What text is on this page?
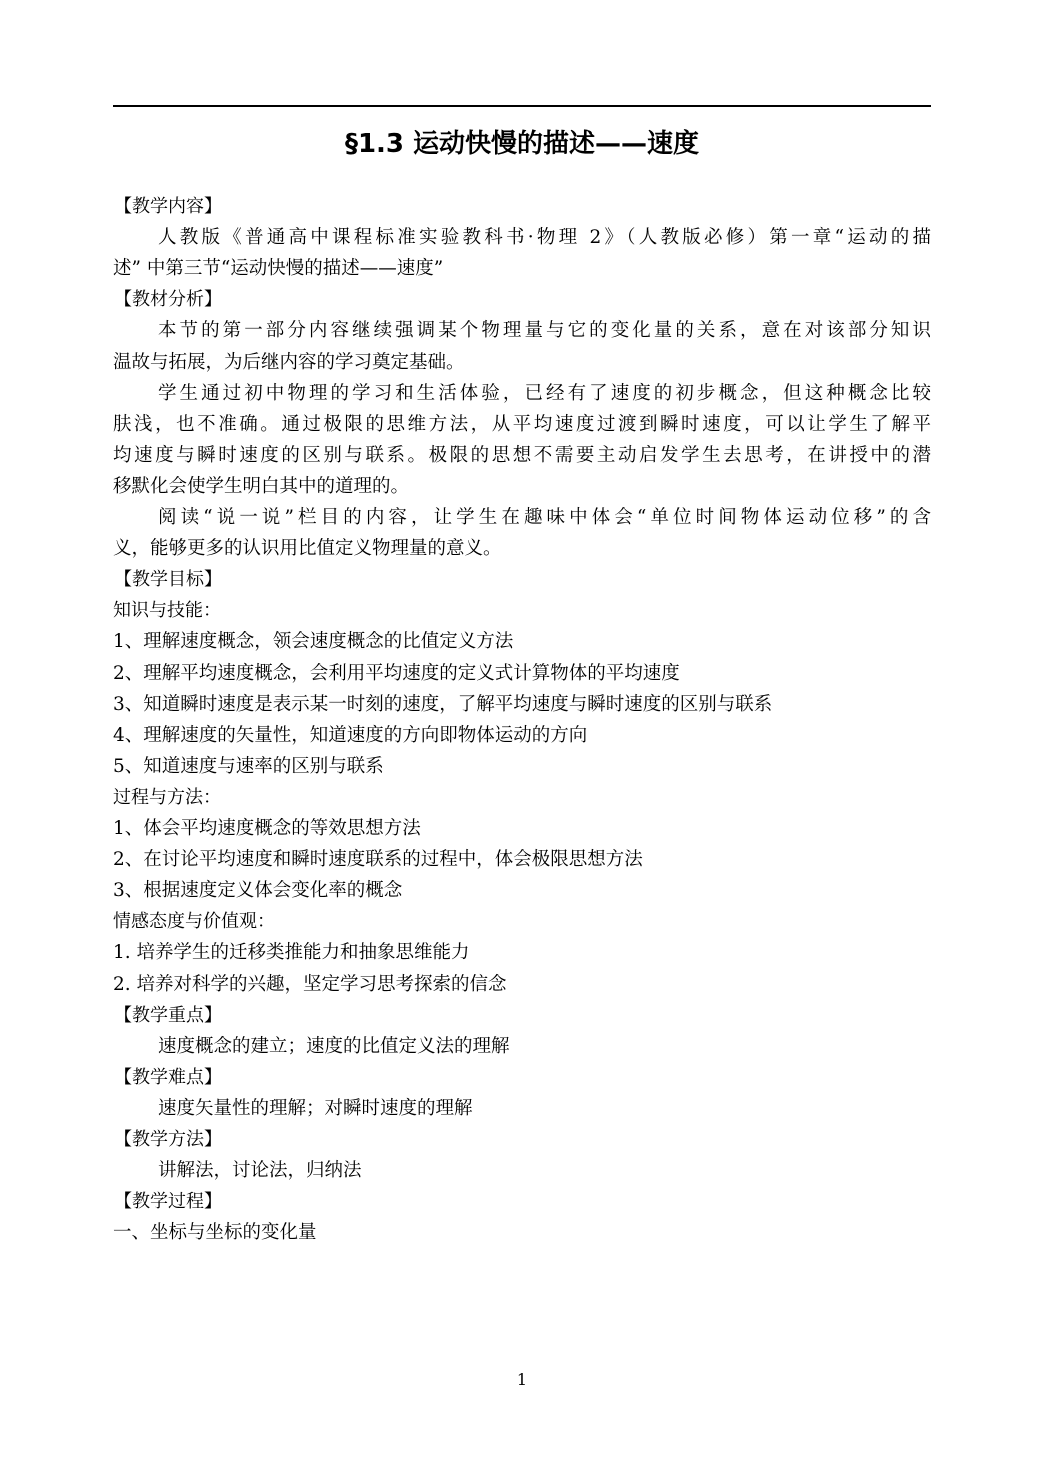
§1.3 运动快慢的描述——速度
【教学内容】
人教版《普通高中课程标准实验教科书·物理 2》（人教版必修）第一章“运动的描
述” 中第三节“运动快慢的描述——速度”
【教材分析】
本节的第一部分内容继续强调某个物理量与它的变化量的关系，意在对该部分知识
温故与拓展，为后继内容的学习奠定基础。
学生通过初中物理的学习和生活体验，已经有了速度的初步概念，但这种概念比较
肤浅，也不准确。通过极限的思维方法，从平均速度过渡到瞬时速度，可以让学生了解平
均速度与瞬时速度的区别与联系。极限的思想不需要主动启发学生去思考，在讲授中的潜
移默化会使学生明白其中的道理的。
阅读“说一说”栏目的内容，让学生在趣味中体会“单位时间物体运动位移”的含
义，能够更多的认识用比值定义物理量的意义。
【教学目标】
知识与技能：
1、理解速度概念，领会速度概念的比值定义方法
2、理解平均速度概念，会利用平均速度的定义式计算物体的平均速度
3、知道瞬时速度是表示某一时刻的速度，了解平均速度与瞬时速度的区别与联系
4、理解速度的矢量性，知道速度的方向即物体运动的方向
5、知道速度与速率的区别与联系
过程与方法：
1、体会平均速度概念的等效思想方法
2、在讨论平均速度和瞬时速度联系的过程中，体会极限思想方法
3、根据速度定义体会变化率的概念
情感态度与价值观：
1. 培养学生的迁移类推能力和抽象思维能力
2. 培养对科学的兴趣，坚定学习思考探索的信念
【教学重点】
速度概念的建立；速度的比值定义法的理解
【教学难点】
速度矢量性的理解；对瞬时速度的理解
【教学方法】
讲解法，讨论法，归纳法
【教学过程】
一、坐标与坐标的变化量
1
